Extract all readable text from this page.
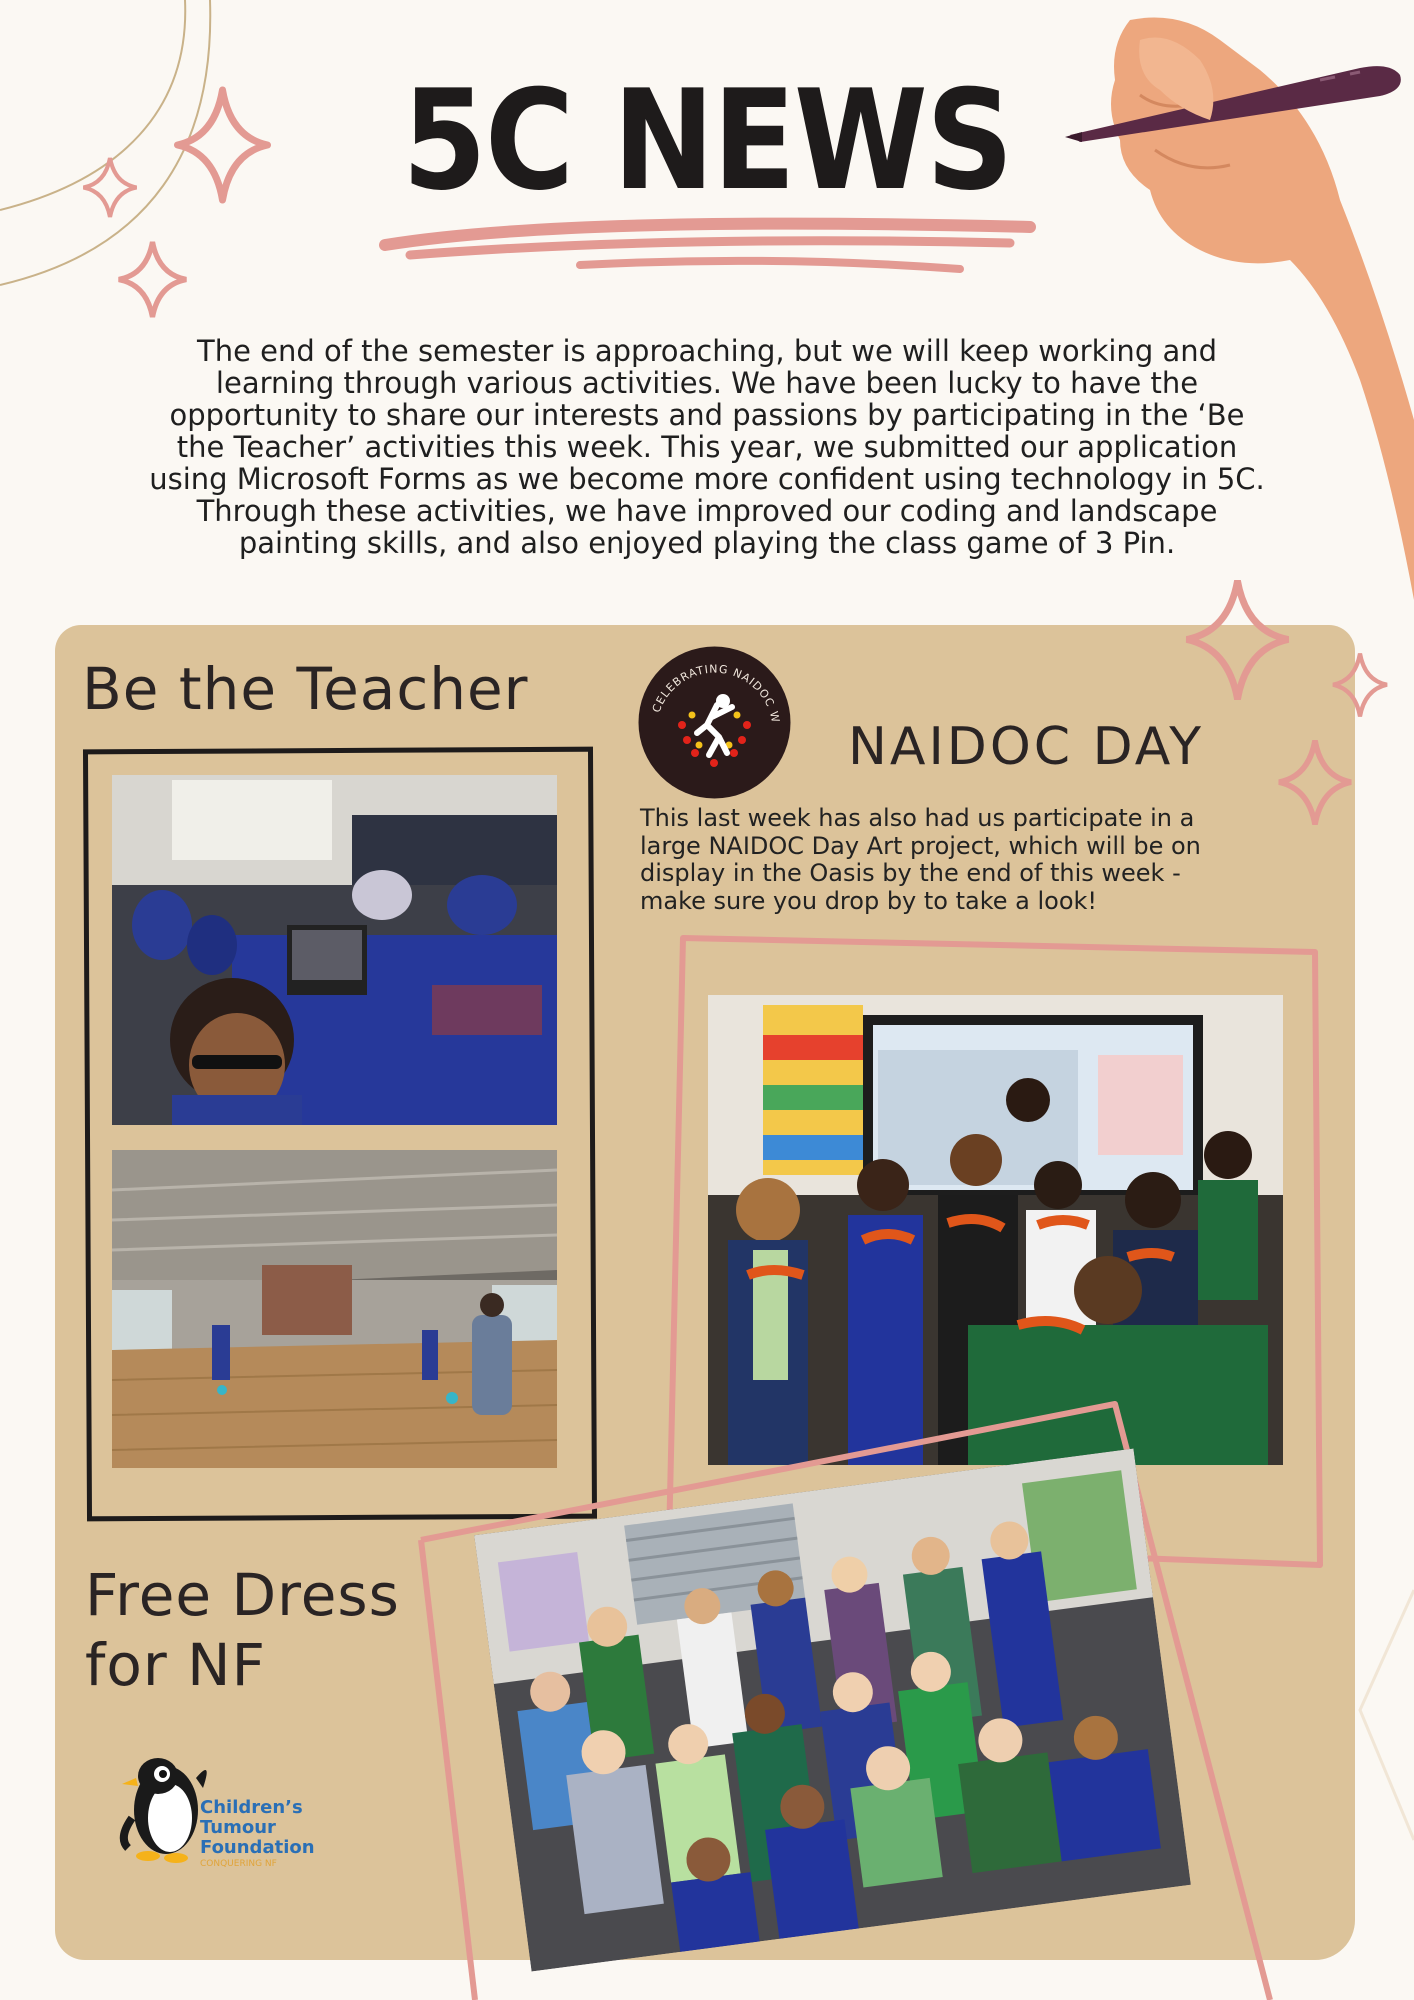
5C NEWS
The end of the semester is approaching, but we will keep working and
learning through various activities. We have been lucky to have the
opportunity to share our interests and passions by participating in the ‘Be
the Teacher’ activities this week. This year, we submitted our application
using Microsoft Forms as we become more confident using technology in 5C.
Through these activities, we have improved our coding and landscape
painting skills, and also enjoyed playing the class game of 3 Pin.
Be the Teacher	CELEBRATING NAIDOC W NAIDOC DAY
This last week has also had us participate in a
large NAIDOC Day Art project, which will be on
display in the Oasis by the end of this week -
make sure you drop by to take a look!
Free Dress
for NF
Children’s
Tumour
Foundation
CONQUERING NF
